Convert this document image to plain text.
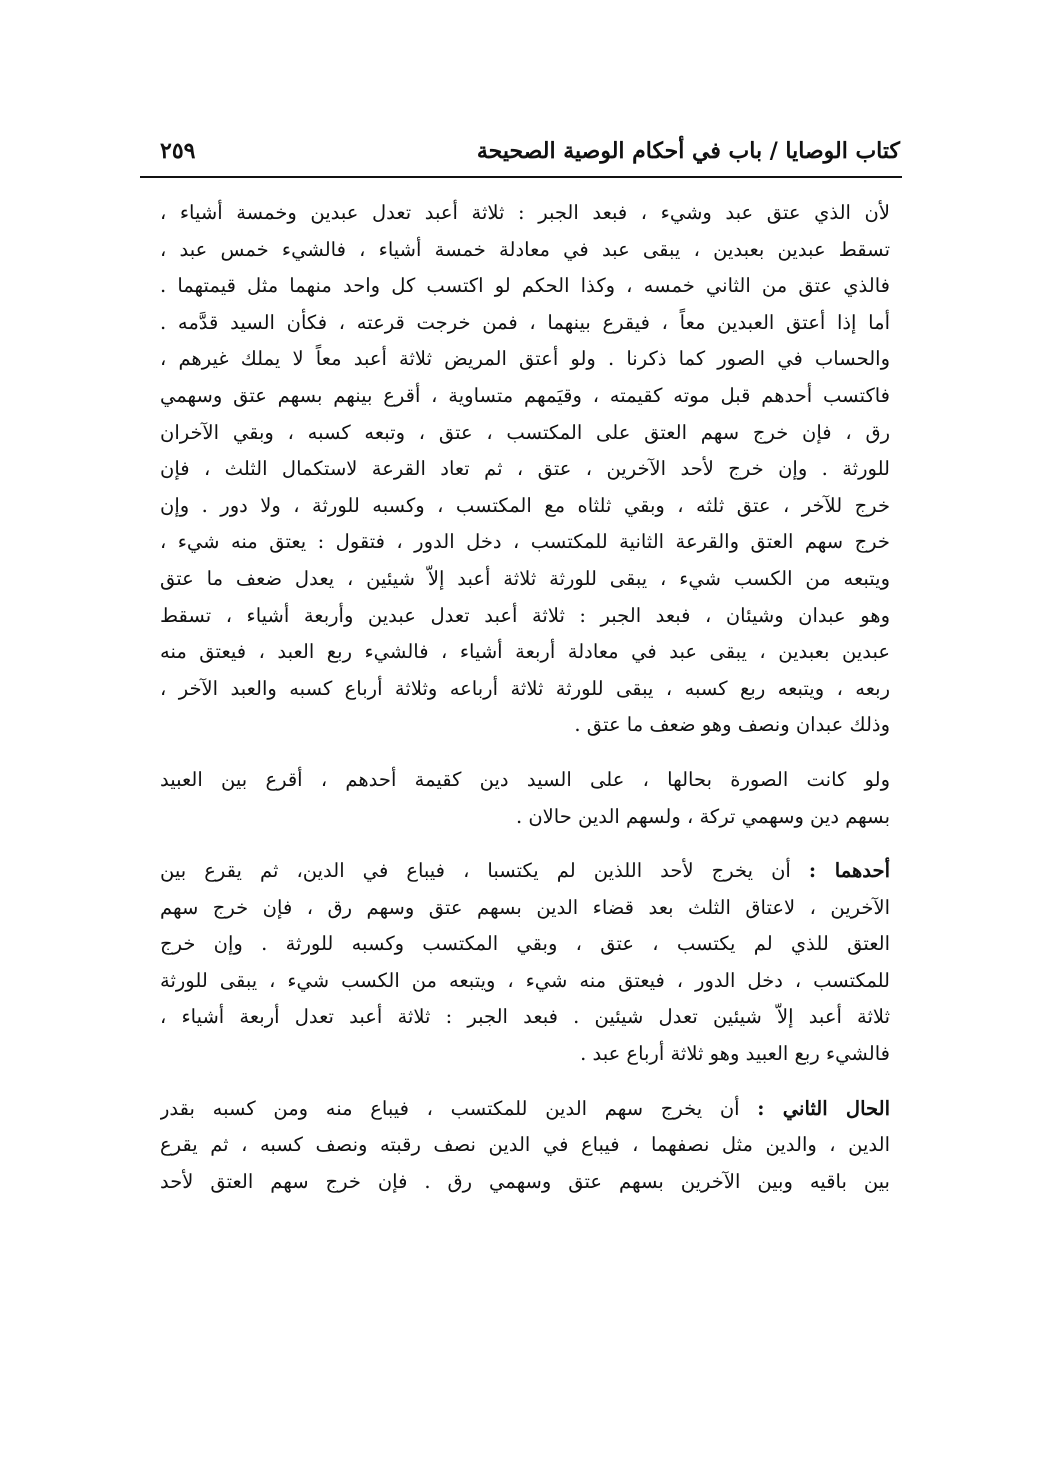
كتاب الوصايا / باب في أحكام الوصية الصحيحة
٢٥٩
لأن الذي عتق عبد وشيء ، فبعد الجبر : ثلاثة أعبد تعدل عبدين وخمسة أشياء ،
تسقط عبدين بعبدين ، يبقى عبد في معادلة خمسة أشياء ، فالشيء خمس عبد ،
فالذي عتق من الثاني خمسه ، وكذا الحكم لو اكتسب كل واحد منهما مثل قيمتهما .
أما إذا أعتق العبدين معاً ، فيقرع بينهما ، فمن خرجت قرعته ، فكأن السيد قدَّمه .
والحساب في الصور كما ذكرنا . ولو أعتق المريض ثلاثة أعبد معاً لا يملك غيرهم ،
فاكتسب أحدهم قبل موته كقيمته ، وقيَمهم متساوية ، أقرع بينهم بسهم عتق وسهمي
رق ، فإن خرج سهم العتق على المكتسب ، عتق ، وتبعه كسبه ، وبقي الآخران
للورثة . وإن خرج لأحد الآخرين ، عتق ، ثم تعاد القرعة لاستكمال الثلث ، فإن
خرج للآخر ، عتق ثلثه ، وبقي ثلثاه مع المكتسب ، وكسبه للورثة ، ولا دور . وإن
خرج سهم العتق والقرعة الثانية للمكتسب ، دخل الدور ، فتقول : يعتق منه شيء ،
ويتبعه من الكسب شيء ، يبقى للورثة ثلاثة أعبد إلاّ شيئين ، يعدل ضعف ما عتق
وهو عبدان وشيئان ، فبعد الجبر : ثلاثة أعبد تعدل عبدين وأربعة أشياء ، تسقط
عبدين بعبدين ، يبقى عبد في معادلة أربعة أشياء ، فالشيء ربع العبد ، فيعتق منه
ربعه ، ويتبعه ربع كسبه ، يبقى للورثة ثلاثة أرباعه وثلاثة أرباع كسبه والعبد الآخر ،
وذلك عبدان ونصف وهو ضعف ما عتق .
ولو كانت الصورة بحالها ، على السيد دين كقيمة أحدهم ، أقرع بين العبيد
بسهم دين وسهمي تركة ، ولسهم الدين حالان .
أحدهما : أن يخرج لأحد اللذين لم يكتسبا ، فيباع في الدين، ثم يقرع بين
الآخرين ، لاعتاق الثلث بعد قضاء الدين بسهم عتق وسهم رق ، فإن خرج سهم
العتق للذي لم يكتسب ، عتق ، وبقي المكتسب وكسبه للورثة . وإن خرج
للمكتسب ، دخل الدور ، فيعتق منه شيء ، ويتبعه من الكسب شيء ، يبقى للورثة
ثلاثة أعبد إلاّ شيئين تعدل شيئين . فبعد الجبر : ثلاثة أعبد تعدل أربعة أشياء ،
فالشيء ربع العبيد وهو ثلاثة أرباع عبد .
الحال الثاني : أن يخرج سهم الدين للمكتسب ، فيباع منه ومن كسبه بقدر
الدين ، والدين مثل نصفهما ، فيباع في الدين نصف رقبته ونصف كسبه ، ثم يقرع
بين باقيه وبين الآخرين بسهم عتق وسهمي رق . فإن خرج سهم العتق لأحد
